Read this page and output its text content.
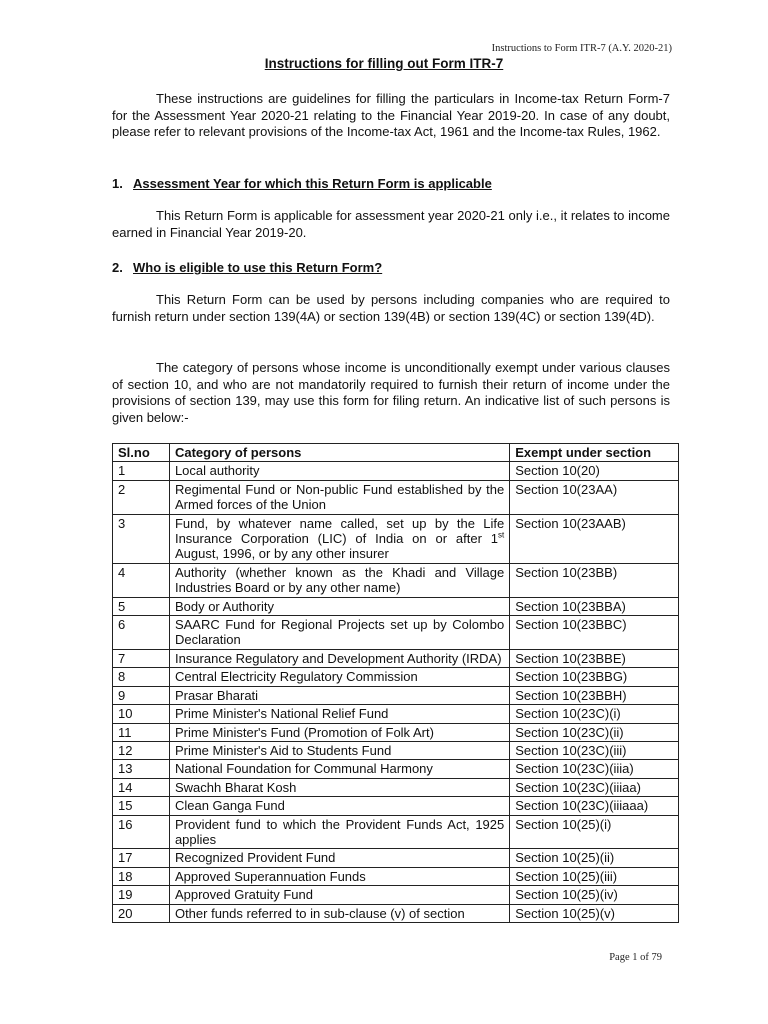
Instructions to Form ITR-7 (A.Y. 2020-21)
Instructions for filling out Form ITR-7
These instructions are guidelines for filling the particulars in Income-tax Return Form-7 for the Assessment Year 2020-21 relating to the Financial Year 2019-20. In case of any doubt, please refer to relevant provisions of the Income-tax Act, 1961 and the Income-tax Rules, 1962.
1. Assessment Year for which this Return Form is applicable
This Return Form is applicable for assessment year 2020-21 only i.e., it relates to income earned in Financial Year 2019-20.
2. Who is eligible to use this Return Form?
This Return Form can be used by persons including companies who are required to furnish return under section 139(4A) or section 139(4B) or section 139(4C) or section 139(4D).
The category of persons whose income is unconditionally exempt under various clauses of section 10, and who are not mandatorily required to furnish their return of income under the provisions of section 139, may use this form for filing return. An indicative list of such persons is given below:-
Sl.no	Category of persons	Exempt under section
1	Local authority	Section 10(20)
2	Regimental Fund or Non-public Fund established by the Armed forces of the Union	Section 10(23AA)
3	Fund, by whatever name called, set up by the Life Insurance Corporation (LIC) of India on or after 1st August, 1996, or by any other insurer	Section 10(23AAB)
4	Authority (whether known as the Khadi and Village Industries Board or by any other name)	Section 10(23BB)
5	Body or Authority	Section 10(23BBA)
6	SAARC Fund for Regional Projects set up by Colombo Declaration	Section 10(23BBC)
7	Insurance Regulatory and Development Authority (IRDA)	Section 10(23BBE)
8	Central Electricity Regulatory Commission	Section 10(23BBG)
9	Prasar Bharati	Section 10(23BBH)
10	Prime Minister's National Relief Fund	Section 10(23C)(i)
11	Prime Minister's Fund (Promotion of Folk Art)	Section 10(23C)(ii)
12	Prime Minister's Aid to Students Fund	Section 10(23C)(iii)
13	National Foundation for Communal Harmony	Section 10(23C)(iiia)
14	Swachh Bharat Kosh	Section 10(23C)(iiiaa)
15	Clean Ganga Fund	Section 10(23C)(iiiaaa)
16	Provident fund to which the Provident Funds Act, 1925 applies	Section 10(25)(i)
17	Recognized Provident Fund	Section 10(25)(ii)
18	Approved Superannuation Funds	Section 10(25)(iii)
19	Approved Gratuity Fund	Section 10(25)(iv)
20	Other funds referred to in sub-clause (v) of section	Section 10(25)(v)
Page 1 of 79
